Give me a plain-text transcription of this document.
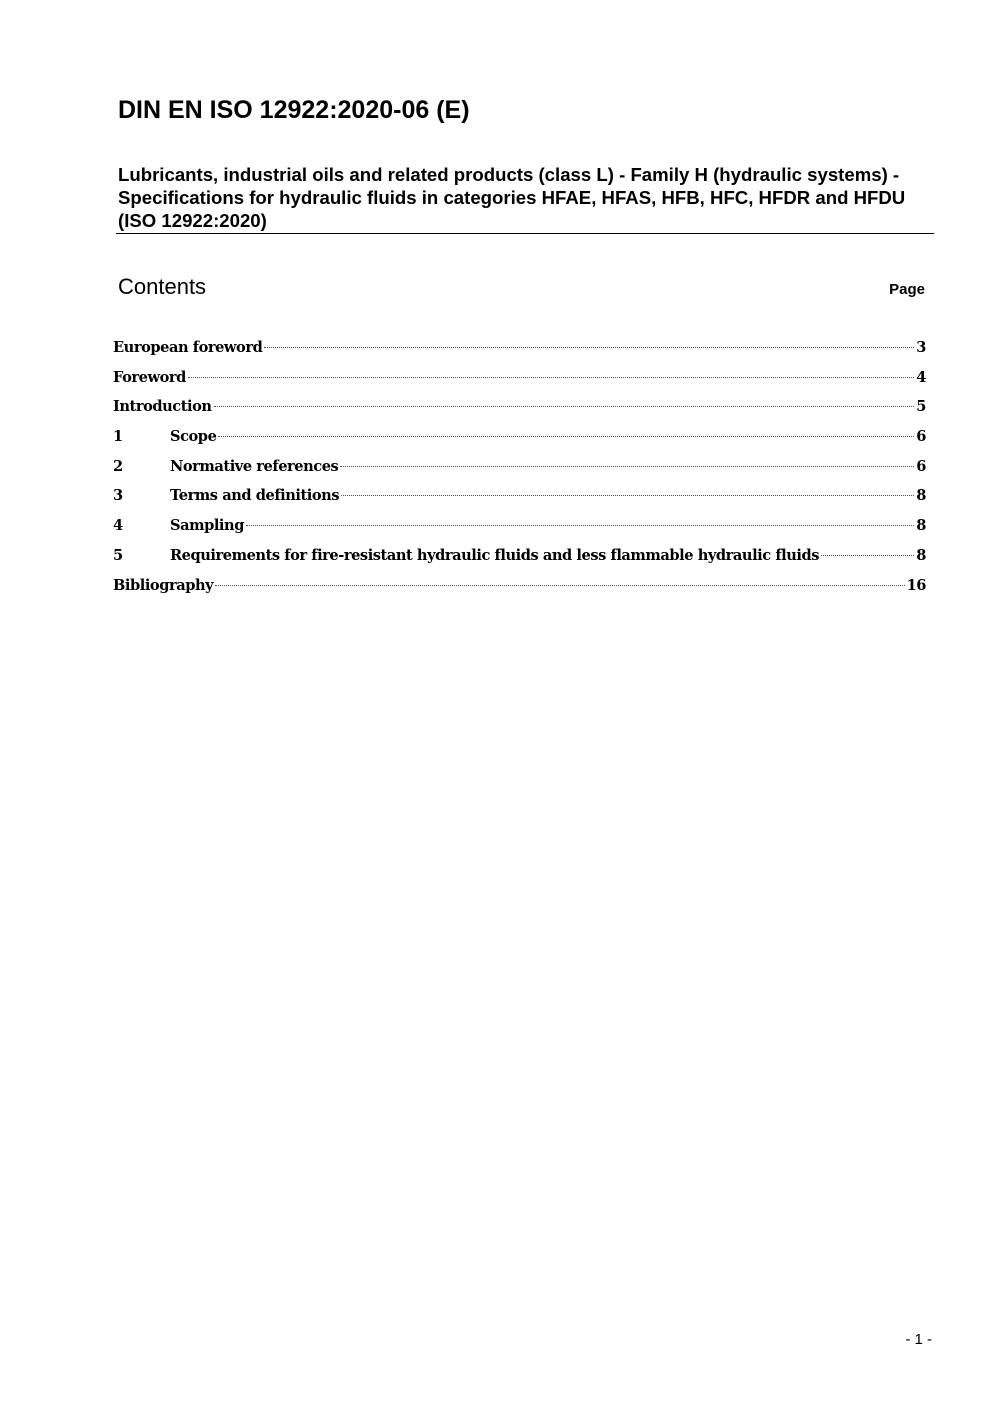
DIN EN ISO 12922:2020-06 (E)
Lubricants, industrial oils and related products (class L) - Family H (hydraulic systems) - Specifications for hydraulic fluids in categories HFAE, HFAS, HFB, HFC, HFDR and HFDU (ISO 12922:2020)
Contents	Page
European foreword	3
Foreword	4
Introduction	5
1	Scope	6
2	Normative references	6
3	Terms and definitions	8
4	Sampling	8
5	Requirements for fire-resistant hydraulic fluids and less flammable hydraulic fluids	8
Bibliography	16
- 1 -
